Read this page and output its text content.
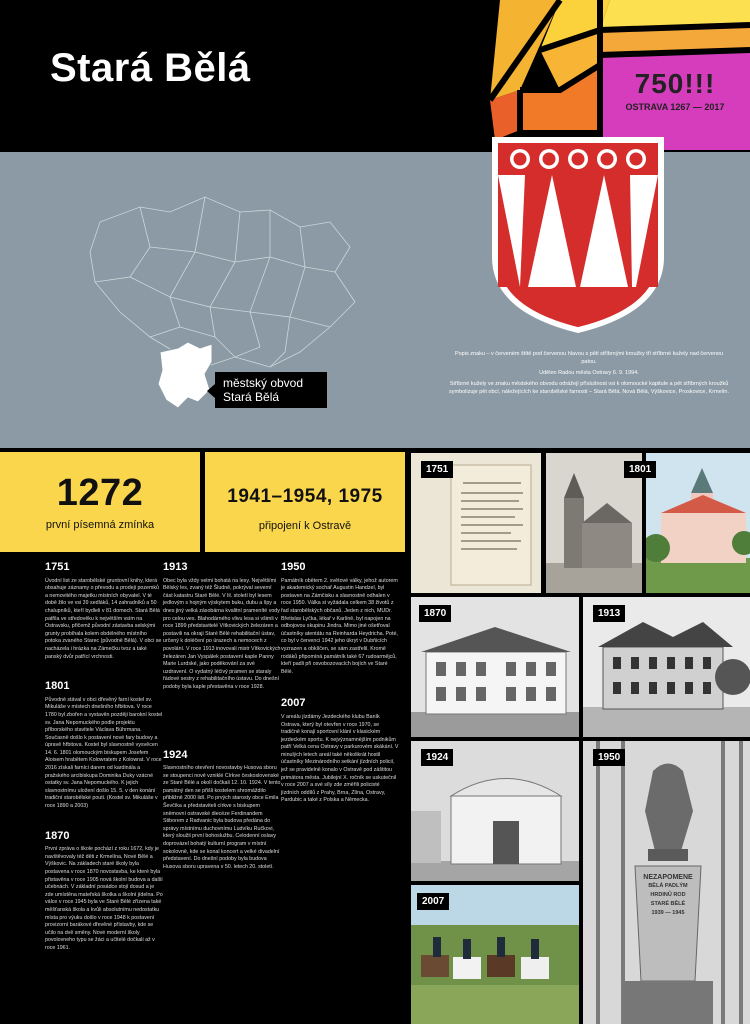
Stará Bělá	750!!!
OSTRAVA 1267 — 2017
městský obvod
Stará Bělá

Popis znaku – v červeném štítě pod červenou hlavou s pěti stříbrnými kroužky tři stříbrné kužely nad červenou patou.

Udělen Radou města Ostravy 6. 9. 1994.

Stříbrné kužely ve znaku městského obvodu odrážejí příslušnost vsi k olomoucké kapitule a pět stříbrných kroužků symbolizuje pět obcí, náležejících ke starobělské farnosti – Stará Bělá, Nová Bělá, Výškovice, Proskovice, Krmelín.

1272
první písemná zmínka
1941–1954, 1975
připojení k Ostravě
1751

Úvodní list ze starobělské gruntovní knihy, která obsahuje záznamy o převodu a prodeji pozemků a nemovitého majetku místních obyvatel. V té době žilo ve vsi 39 sedláků, 14 zahradníků a 50 chalupníků, kteří bydleli v 81 domech. Stará Bělá patřila ve středověku k největším vsím na Ostravsku, přičemž původní zástavba selskými grunty probíhala kolem obdélného místního potoka zvaného Starec (původně Bělá). V obci se nacházela i hrázka na Zámečku tvoz a také panský dvůr patřící vrchnosti.

1801

Původně stával v obci dřevěný farní kostel sv. Mikuláše v místech dnešního hřbitova. V roce 1780 byl zbořen a vystavěn později barokní kostel sv. Jana Nepomuckého podle projektu příborského stavitele Václava Bührmana. Současně došlo k postavení nové fary budovy a úpravě hřbitova. Kostel byl slavnostně vysvěcen 14. 6. 1801 olomouckým biskupem Josefem Aloisem hrabětem Kolowratem z Kolowrat. V roce 2016 získali farníci darem od kardinála a pražského arcibiskupa Dominika Duky vzácné ostatky sv. Jana Nepomuckého. K jejich slavnostnímu uložení došlo 15. 5. v den konání tradiční starobělské pouti. (Kostel sv. Mikuláše v roce 1890 a 2003)

1870

První zpráva o škole pochází z roku 1672, kdy je navštěvovaly též děti z Krmelína, Nové Bělé a Výškovic. Na základech staré školy byla postavena v roce 1870 novostavba, ke které byla přistavěna v roce 1905 nová školní budova a další učebnách. V základní posádce stojí dosud a je zde umístěna mateřská školka a školní jídelna. Po válce v roce 1945 byla ve Staré Bělé zřízena také měšťanská škola a kvůli absolutnímu nedostatku místa pro výuku došlo v roce 1948 k postavení provizorní barákové dřevěné přístavby, kde se učilo na dvě směny. Nové moderní školy povolovneho typu se žáci a učitelé dočkali až v roce 1961.

1913

Obec byla vždy velmi bohatá na lesy. Největšími Bělský les, zvaný též Šludně, pokrýval severní část katastru Staré Bělé. V lil. století byl lesem jedlovým s hojným výskytem buku, dubu a lípy a dnes jiný velká zásobárna kvalitní prameníté vody pro celou ves. Blahodárného vlivu lesa si všimli v roce 1899 představitelé Vítkovických železáren a postavili na okraji Staré Bělé rehabilitační ústav, určený k doléčení po úrazech a nemocech z povolání. V roce 1913 inovovali mistr Vítkovických železáren Jan Vyspálek postavení kaple Panny Marie Lurdské, jako poděkování za své uzdravení. O vydatný léčivý pramen se staraly řádové sestry z rehabilitačního ústavu. Do dnešní podoby byla kaple přestavěna v roce 1928.

1924

Slavnostního otevření novostavby Husova sboru se stoupenci nové vzniklé Církve československé ze Staré Bělé a okolí dočkali 12. 10. 1924. V tento památný den se přišli kostelem shromáždilo přibližně 2000 lidí. Po prvých starosty obce Emila Ševčíka a představiteli církve s biskupem sněmovní ostravské diecéze Ferdinandem Stiborem z Radvanic byla budova předána do správy místnímu duchovnímu Ludvíku Ručkovi, který sloužil první bohoslužbu. Celodenní oslavy doprovázel bohatý kulturní program v místní sokolovně, kde se konal koncert a velké divadelní představení. Do dnešní podoby byla budova Husova sboru upravena v 50. letech 20. století.

1950

Památník obětem 2. světové války, jehož autorem je akademický sochař Augustin Handzel, byl postaven na Zámčisku a slavnostně odhalen v roce 1950. Válka si vyžádala celkem 38 životů z řad starobělských občanů. Jeden z nich, MUDr. Břetislav Lyčka, lékař v Karlíně, byl napojen na odbojovou skupinu Jindra. Mimo jiné ošetřoval účastníky atentátu na Reinharda Heydricha. Poté, co byl v červenci 1942 jeho úkryt v Dubňicích vyzrazen a obklíčen, se sám zastřelil. Kromě rodáků připomíná památník také 67 rudoarmějců, kteří padli při osvobozovacích bojích ve Staré Bělé.

2007

V areálu jízdárny Jezdeckého klubu Baník Ostrava, který byl otevřen v roce 1970, se tradičně konají sportovní klání v klasickém jezdeckém sportu. K nejvýznamnějším podnikům patří Velká cena Ostravy v parkurovém skákání. V minulých letech areál také několikrát hostil účastníky Mezinárodního setkání jízdních policií, jež se pravidelně konalo v Ostravě pod záštitou primátora města. Jubilejní X. ročník se uskutečnil v roce 2007 a své síly zde změřili policisté jízdních oddílů z Prahy, Brna, Zlína, Ostravy, Pardubic a také z Polska a Německa.

1751	1801
1870	1913
1924
NEZAPOMENE
BĚLÁ PADLÝM
HRDINŮ ROD
STARÉ BĚLÉ
1939 — 1945
1950
2007
